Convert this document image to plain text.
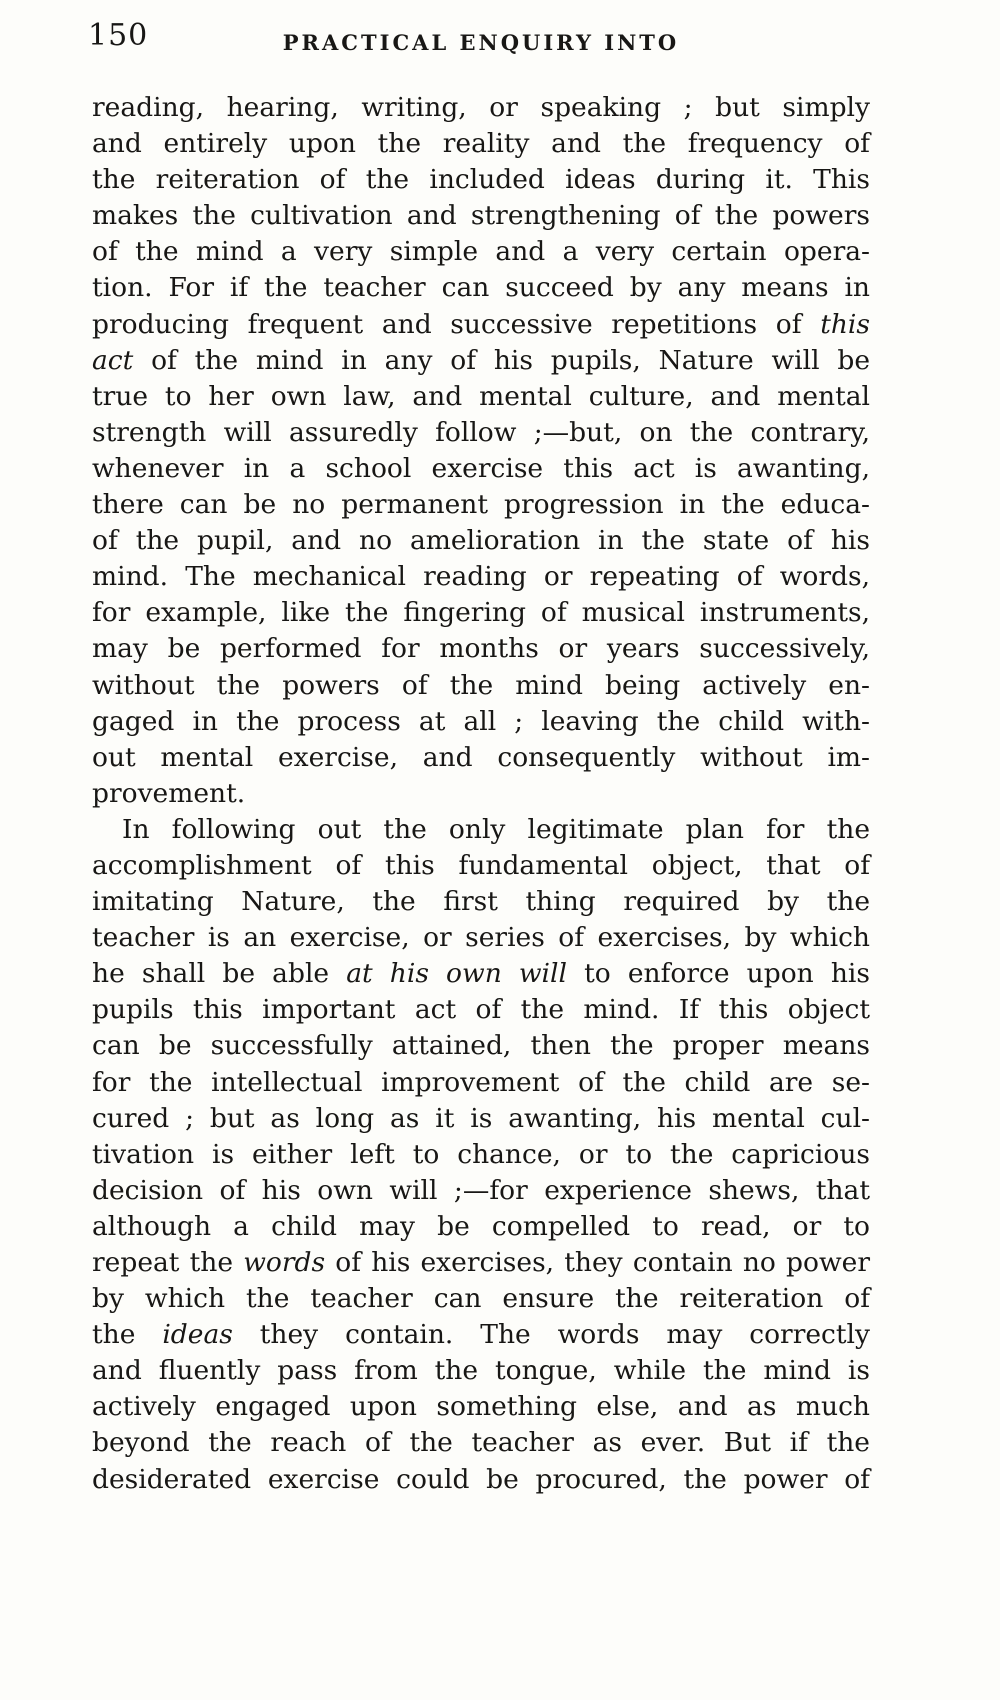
150	PRACTICAL ENQUIRY INTO
reading, hearing, writing, or speaking ; but simply
and entirely upon the reality and the frequency of
the reiteration of the included ideas during it. This
makes the cultivation and strengthening of the powers
of the mind a very simple and a very certain opera-
tion. For if the teacher can succeed by any means in
producing frequent and successive repetitions of this
act of the mind in any of his pupils, Nature will be
true to her own law, and mental culture, and mental
strength will assuredly follow ;—but, on the contrary,
whenever in a school exercise this act is awanting,
there can be no permanent progression in the educa-
of the pupil, and no amelioration in the state of his
mind. The mechanical reading or repeating of words,
for example, like the fingering of musical instruments,
may be performed for months or years successively,
without the powers of the mind being actively en-
gaged in the process at all ; leaving the child with-
out mental exercise, and consequently without im-
provement.
In following out the only legitimate plan for the
accomplishment of this fundamental object, that of
imitating Nature, the first thing required by the
teacher is an exercise, or series of exercises, by which
he shall be able at his own will to enforce upon his
pupils this important act of the mind. If this object
can be successfully attained, then the proper means
for the intellectual improvement of the child are se-
cured ; but as long as it is awanting, his mental cul-
tivation is either left to chance, or to the capricious
decision of his own will ;—for experience shews, that
although a child may be compelled to read, or to
repeat the words of his exercises, they contain no power
by which the teacher can ensure the reiteration of
the ideas they contain. The words may correctly
and fluently pass from the tongue, while the mind is
actively engaged upon something else, and as much
beyond the reach of the teacher as ever. But if the
desiderated exercise could be procured, the power of
